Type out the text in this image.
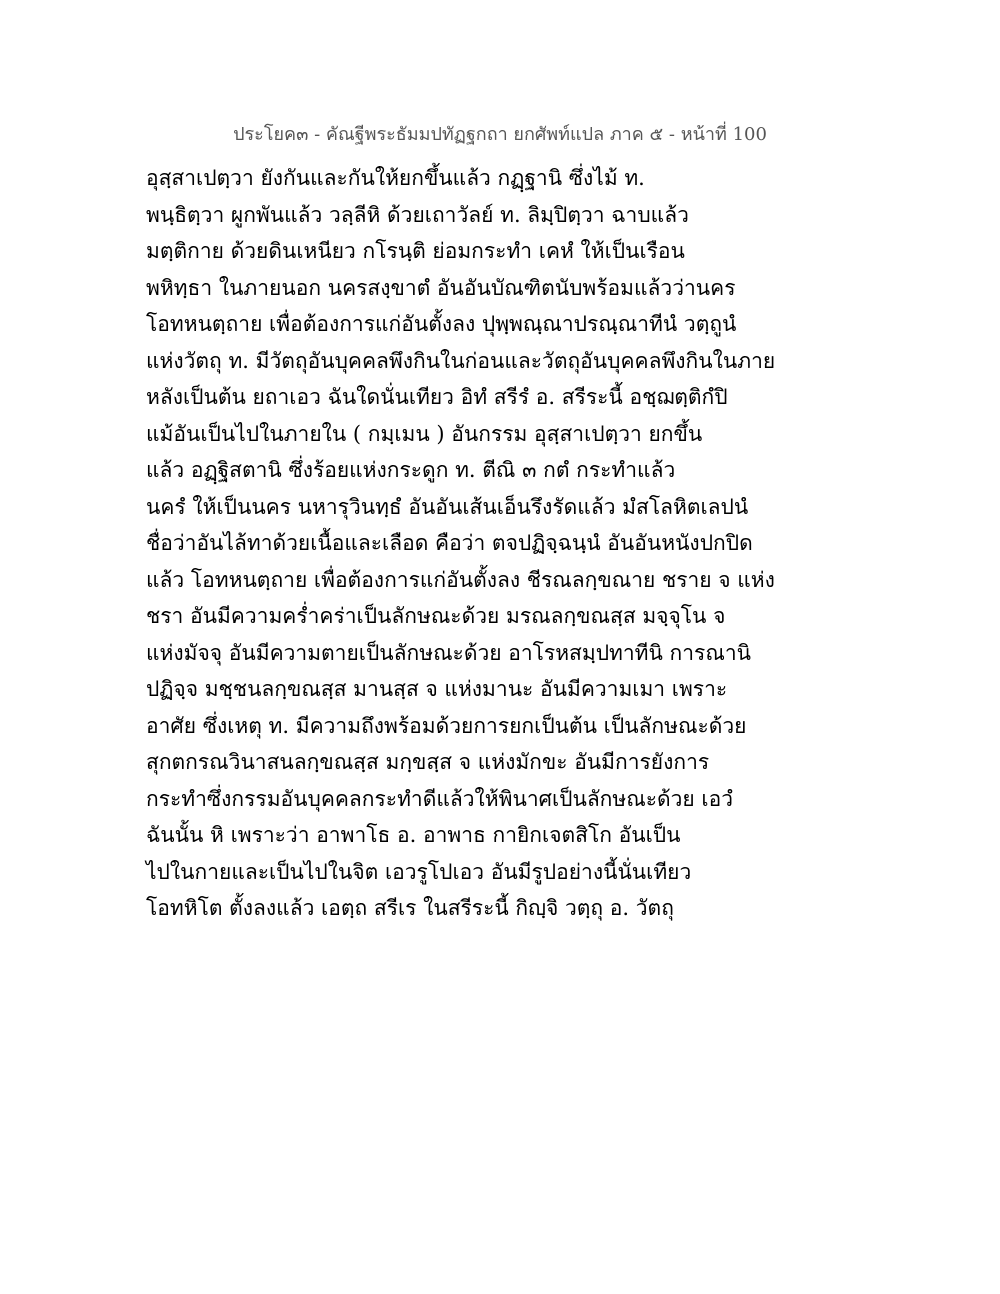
ประโยค๓ - คัณฐีพระธัมมปทัฏฐกถา ยกศัพท์แปล ภาค ๕ - หน้าที่ 100
อุสฺสาเปตฺวา ยังกันและกันให้ยกขึ้นแล้ว กฏฺฐานิ ซึ่งไม้ ท.
พนฺธิตฺวา ผูกพันแล้ว วลฺลีหิ ด้วยเถาวัลย์ ท. ลิมฺปิตฺวา ฉาบแล้ว
มตฺติกาย ด้วยดินเหนียว กโรนฺติ ย่อมกระทำ เคหํ ให้เป็นเรือน
พหิทฺธา ในภายนอก นครสงฺขาตํ อันอันบัณฑิตนับพร้อมแล้วว่านคร
โอทหนตฺถาย เพื่อต้องการแก่อันตั้งลง ปุพฺพณฺณาปรณฺณาทีนํ วตฺถูนํ
แห่งวัตถุ ท. มีวัตถุอันบุคคลพึงกินในก่อนและวัตถุอันบุคคลพึงกินในภาย
หลังเป็นต้น ยถาเอว ฉันใดนั่นเทียว อิทํ สรีรํ อ. สรีระนี้ อชฺฌตฺติกํปิ
แม้อันเป็นไปในภายใน ( กมฺเมน ) อันกรรม อุสฺสาเปตฺวา ยกขึ้น
แล้ว อฏฺฐิสตานิ ซึ่งร้อยแห่งกระดูก ท. ตีณิ ๓ กตํ กระทำแล้ว
นครํ ให้เป็นนคร นหารุวินทฺธํ อันอันเส้นเอ็นรึงรัดแล้ว มํสโลหิตเลปนํ
ชื่อว่าอันไล้ทาด้วยเนื้อและเลือด คือว่า ตจปฏิจฺฉนฺนํ อันอันหนังปกปิด
แล้ว โอทหนตฺถาย เพื่อต้องการแก่อันตั้งลง ชีรณลกฺขณาย ชราย จ แห่ง
ชรา อันมีความคร่ำคร่าเป็นลักษณะด้วย มรณลกฺขณสฺส มจฺจุโน จ
แห่งมัจจุ อันมีความตายเป็นลักษณะด้วย อาโรหสมฺปทาทีนิ การณานิ
ปฏิจฺจ มชฺชนลกฺขณสฺส มานสฺส จ แห่งมานะ อันมีความเมา เพราะ
อาศัย ซึ่งเหตุ ท. มีความถึงพร้อมด้วยการยกเป็นต้น เป็นลักษณะด้วย
สุกตกรณวินาสนลกฺขณสฺส มกฺขสฺส จ แห่งมักขะ อันมีการยังการ
กระทำซึ่งกรรมอันบุคคลกระทำดีแล้วให้พินาศเป็นลักษณะด้วย เอวํ
ฉันนั้น หิ เพราะว่า อาพาโธ อ. อาพาธ กายิกเจตสิโก อันเป็น
ไปในกายและเป็นไปในจิต เอวรูโปเอว อันมีรูปอย่างนี้นั่นเทียว
โอทหิโต ตั้งลงแล้ว เอตฺถ สรีเร ในสรีระนี้ กิญฺจิ วตฺถุ อ. วัตถุ
